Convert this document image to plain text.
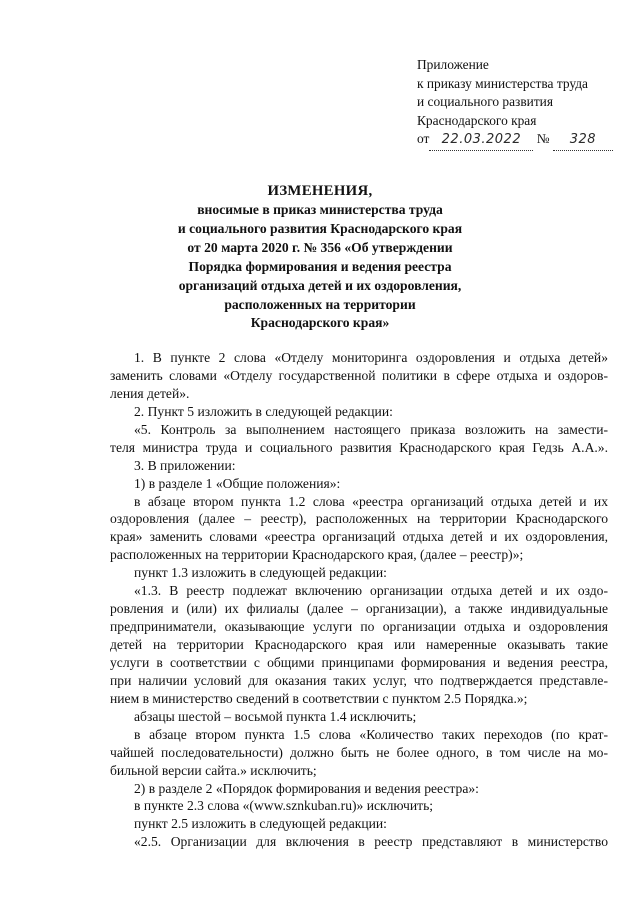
Приложение
к приказу министерства труда
и социального развития
Краснодарского края
от 22.03.2022 № 328
ИЗМЕНЕНИЯ,
вносимые в приказ министерства труда
и социального развития Краснодарского края
от 20 марта 2020 г. № 356 «Об утверждении
Порядка формирования и ведения реестра
организаций отдыха детей и их оздоровления,
расположенных на территории
Краснодарского края»
1. В пункте 2 слова «Отделу мониторинга оздоровления и отдыха детей»
заменить словами «Отделу государственной политики в сфере отдыха и оздоров-
ления детей».
2. Пункт 5 изложить в следующей редакции:
«5. Контроль за выполнением настоящего приказа возложить на замести-
теля министра труда и социального развития Краснодарского края Гедзь А.А.».
3. В приложении:
1) в разделе 1 «Общие положения»:
в абзаце втором пункта 1.2 слова «реестра организаций отдыха детей и их
оздоровления (далее – реестр), расположенных на территории Краснодарского
края» заменить словами «реестра организаций отдыха детей и их оздоровления,
расположенных на территории Краснодарского края, (далее – реестр)»;
пункт 1.3 изложить в следующей редакции:
«1.3. В реестр подлежат включению организации отдыха детей и их оздо-
ровления и (или) их филиалы (далее – организации), а также индивидуальные
предприниматели, оказывающие услуги по организации отдыха и оздоровления
детей на территории Краснодарского края или намеренные оказывать такие
услуги в соответствии с общими принципами формирования и ведения реестра,
при наличии условий для оказания таких услуг, что подтверждается представле-
нием в министерство сведений в соответствии с пунктом 2.5 Порядка.»;
абзацы шестой – восьмой пункта 1.4 исключить;
в абзаце втором пункта 1.5 слова «Количество таких переходов (по крат-
чайшей последовательности) должно быть не более одного, в том числе на мо-
бильной версии сайта.» исключить;
2) в разделе 2 «Порядок формирования и ведения реестра»:
в пункте 2.3 слова «(www.sznkuban.ru)» исключить;
пункт 2.5 изложить в следующей редакции:
«2.5. Организации для включения в реестр представляют в министерство
